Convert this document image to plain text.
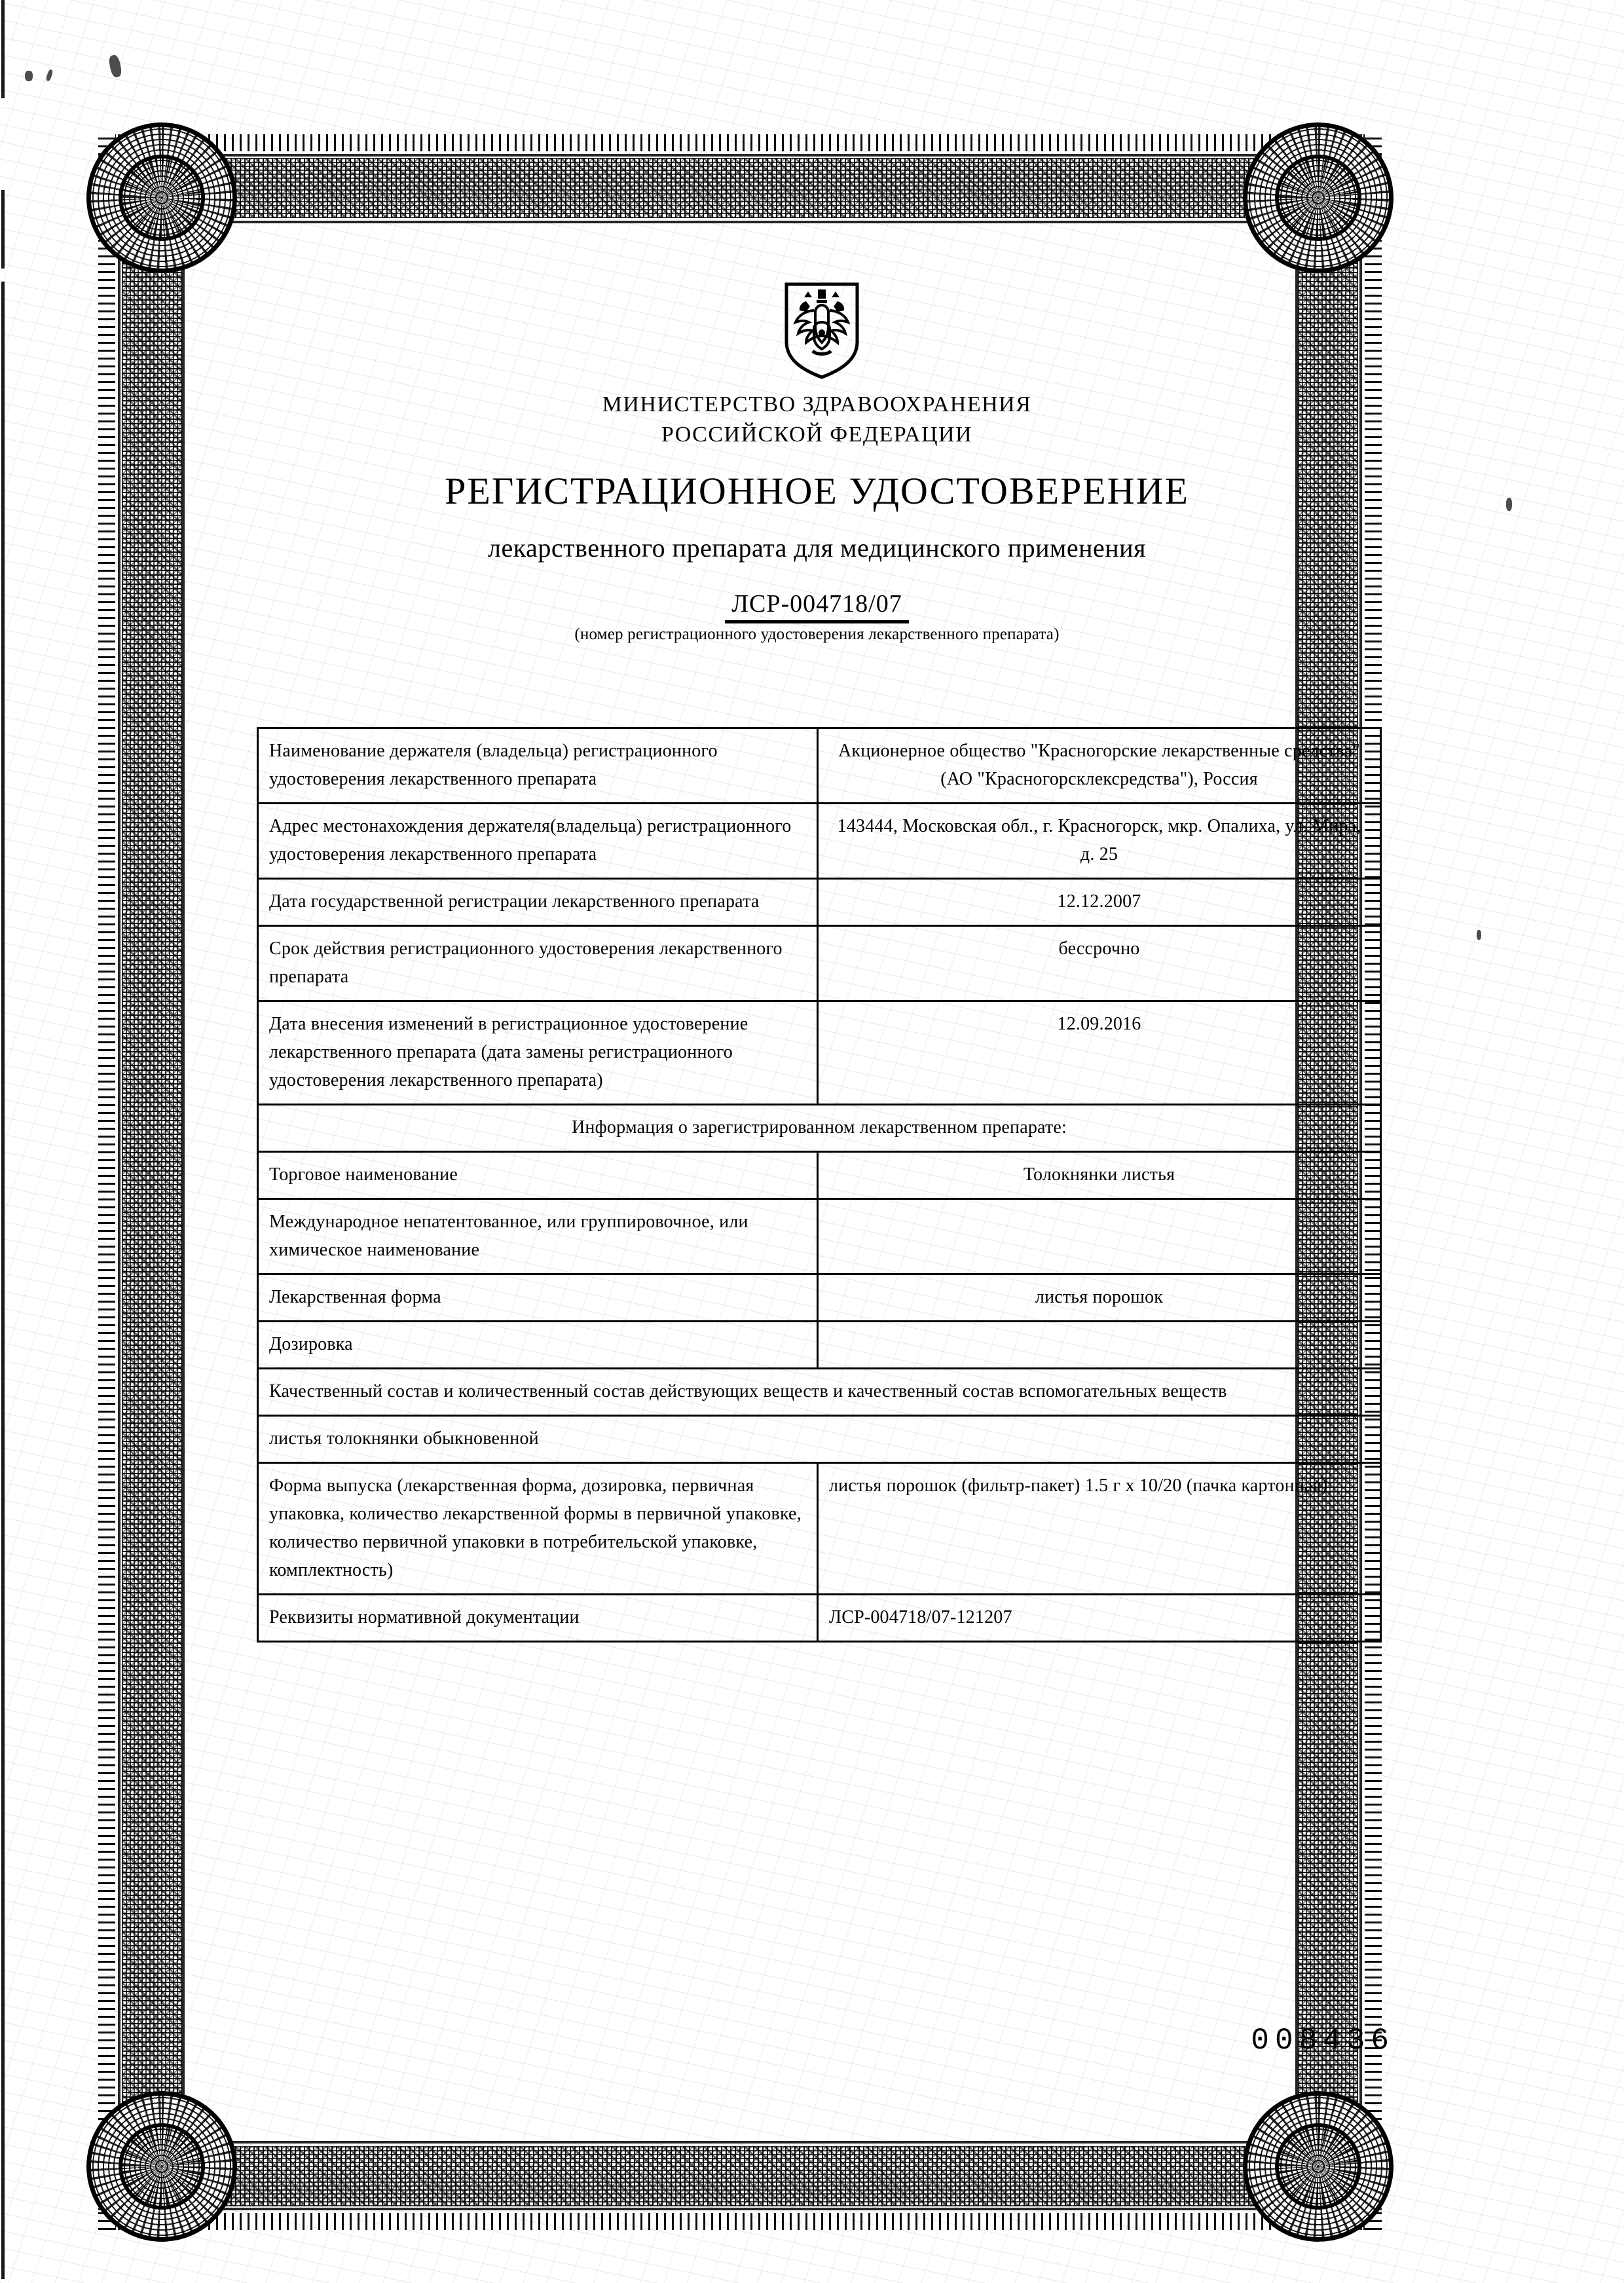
МИНИСТЕРСТВО ЗДРАВООХРАНЕНИЯ
РОССИЙСКОЙ ФЕДЕРАЦИИ
РЕГИСТРАЦИОННОЕ УДОСТОВЕРЕНИЕ
лекарственного препарата для медицинского применения
ЛСР-004718/07
(номер регистрационного удостоверения лекарственного препарата)
Наименование держателя (владельца) регистрационного удостоверения лекарственного препарата	Акционерное общество "Красногорские лекарственные средства" (АО "Красногорсклексредства"), Россия
Адрес местонахождения держателя(владельца) регистрационного удостоверения лекарственного препарата	143444, Московская обл., г. Красногорск, мкр. Опалиха, ул. Мира, д. 25
Дата государственной регистрации лекарственного препарата	12.12.2007
Срок действия регистрационного удостоверения лекарственного препарата	бессрочно
Дата внесения изменений в регистрационное удостоверение лекарственного препарата (дата замены регистрационного удостоверения лекарственного препарата)	12.09.2016
Информация о зарегистрированном лекарственном препарате:	
Торговое наименование	Толокнянки листья
Международное непатентованное, или группировочное, или химическое наименование	
Лекарственная форма	листья порошок
Дозировка	
Качественный состав и количественный состав действующих веществ и качественный состав вспомогательных веществ	
листья толокнянки обыкновенной	
Форма выпуска (лекарственная форма, дозировка, первичная упаковка, количество лекарственной формы в первичной упаковке, количество первичной упаковки в потребительской упаковке, комплектность)	листья порошок (фильтр-пакет) 1.5 г х 10/20 (пачка картонная)
Реквизиты нормативной документации	ЛСР-004718/07-121207
008436
